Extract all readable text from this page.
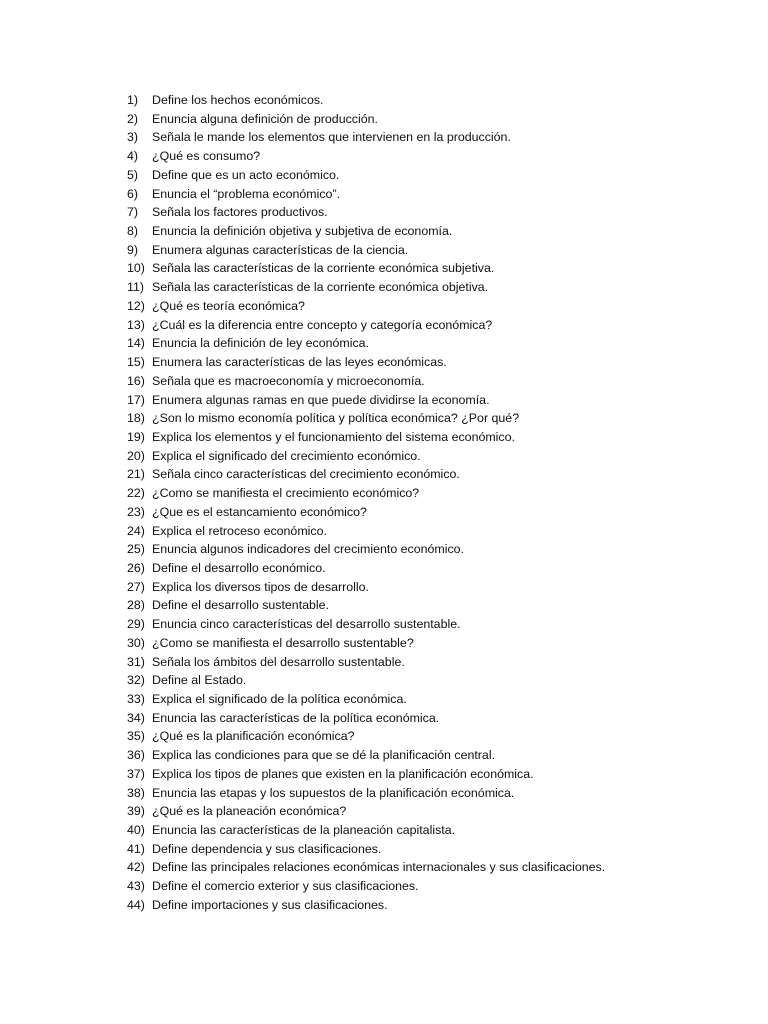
1)	Define los hechos económicos.
2)	Enuncia alguna definición de producción.
3)	Señala le mande los elementos que intervienen en la producción.
4)	¿Qué es consumo?
5)	Define que es un acto económico.
6)	Enuncia el “problema económico”.
7)	Señala los factores productivos.
8)	Enuncia la definición objetiva y subjetiva de economía.
9)	Enumera algunas características de la ciencia.
10) Señala las características de la corriente económica subjetiva.
11) Señala las características de la corriente económica objetiva.
12) ¿Qué es teoría económica?
13) ¿Cuál es la diferencia entre concepto y categoría económica?
14) Enuncia la definición de ley económica.
15) Enumera las características de las leyes económicas.
16) Señala que es macroeconomía y microeconomía.
17) Enumera algunas ramas en que puede dividirse la economía.
18) ¿Son lo mismo economía política y política económica? ¿Por qué?
19) Explica los elementos y el funcionamiento del sistema económico.
20) Explica el significado del crecimiento económico.
21) Señala cinco características del crecimiento económico.
22) ¿Como se manifiesta el crecimiento económico?
23) ¿Que es el estancamiento económico?
24) Explica el retroceso económico.
25) Enuncia algunos indicadores del crecimiento económico.
26) Define el desarrollo económico.
27) Explica los diversos tipos de desarrollo.
28) Define el desarrollo sustentable.
29) Enuncia cinco características del desarrollo sustentable.
30) ¿Como se manifiesta el desarrollo sustentable?
31) Señala los ámbitos del desarrollo sustentable.
32) Define al Estado.
33) Explica el significado de la política económica.
34) Enuncia las características de la política económica.
35) ¿Qué es la planificación económica?
36) Explica las condiciones para que se dé la planificación central.
37) Explica los tipos de planes que existen en la planificación económica.
38) Enuncia las etapas y los supuestos de la planificación económica.
39) ¿Qué es la planeación económica?
40) Enuncia las características de la planeación capitalista.
41) Define dependencia y sus clasificaciones.
42) Define las principales relaciones económicas internacionales y sus clasificaciones.
43) Define el comercio exterior y sus clasificaciones.
44) Define importaciones y sus clasificaciones.
